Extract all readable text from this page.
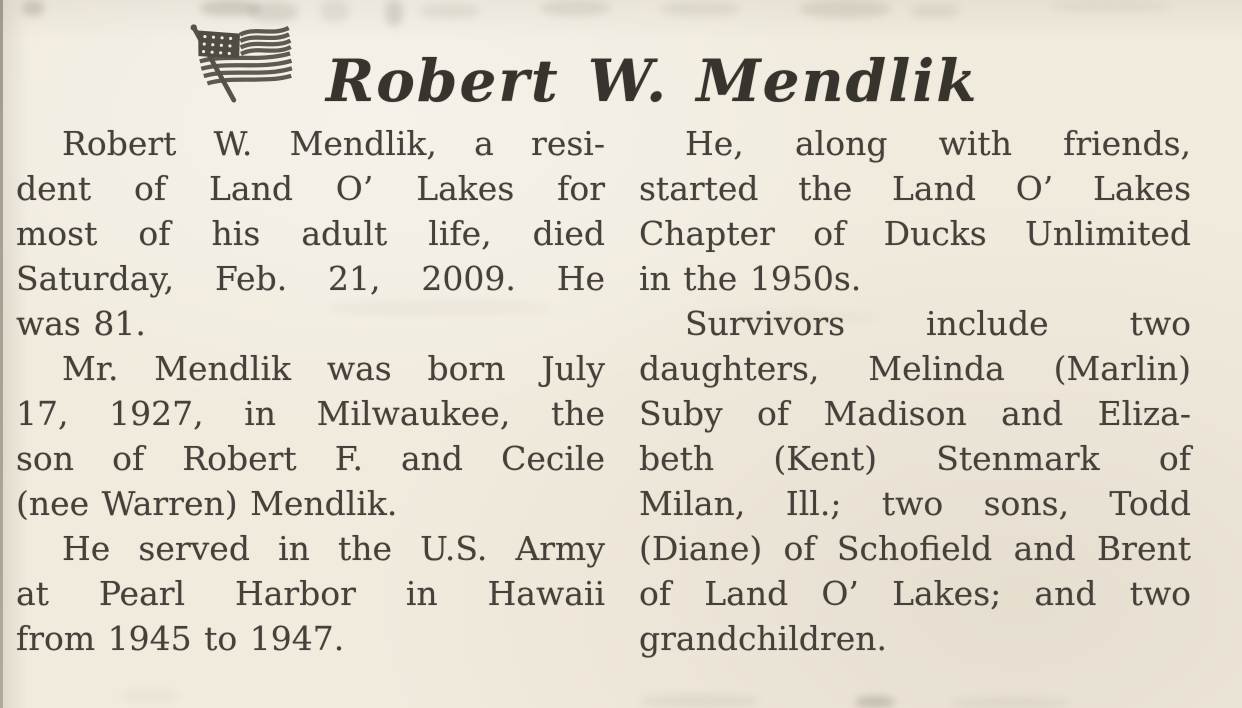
Robert W. Mendlik
Robert W. Mendlik, a resi-
dent of Land O’ Lakes for
most of his adult life, died
Saturday, Feb. 21, 2009. He
was 81.
Mr. Mendlik was born July
17, 1927, in Milwaukee, the
son of Robert F. and Cecile
(nee Warren) Mendlik.
He served in the U.S. Army
at Pearl Harbor in Hawaii
from 1945 to 1947.
He, along with friends,
started the Land O’ Lakes
Chapter of Ducks Unlimited
in the 1950s.
Survivors include two
daughters, Melinda (Marlin)
Suby of Madison and Eliza-
beth (Kent) Stenmark of
Milan, Ill.; two sons, Todd
(Diane) of Schofield and Brent
of Land O’ Lakes; and two
grandchildren.
